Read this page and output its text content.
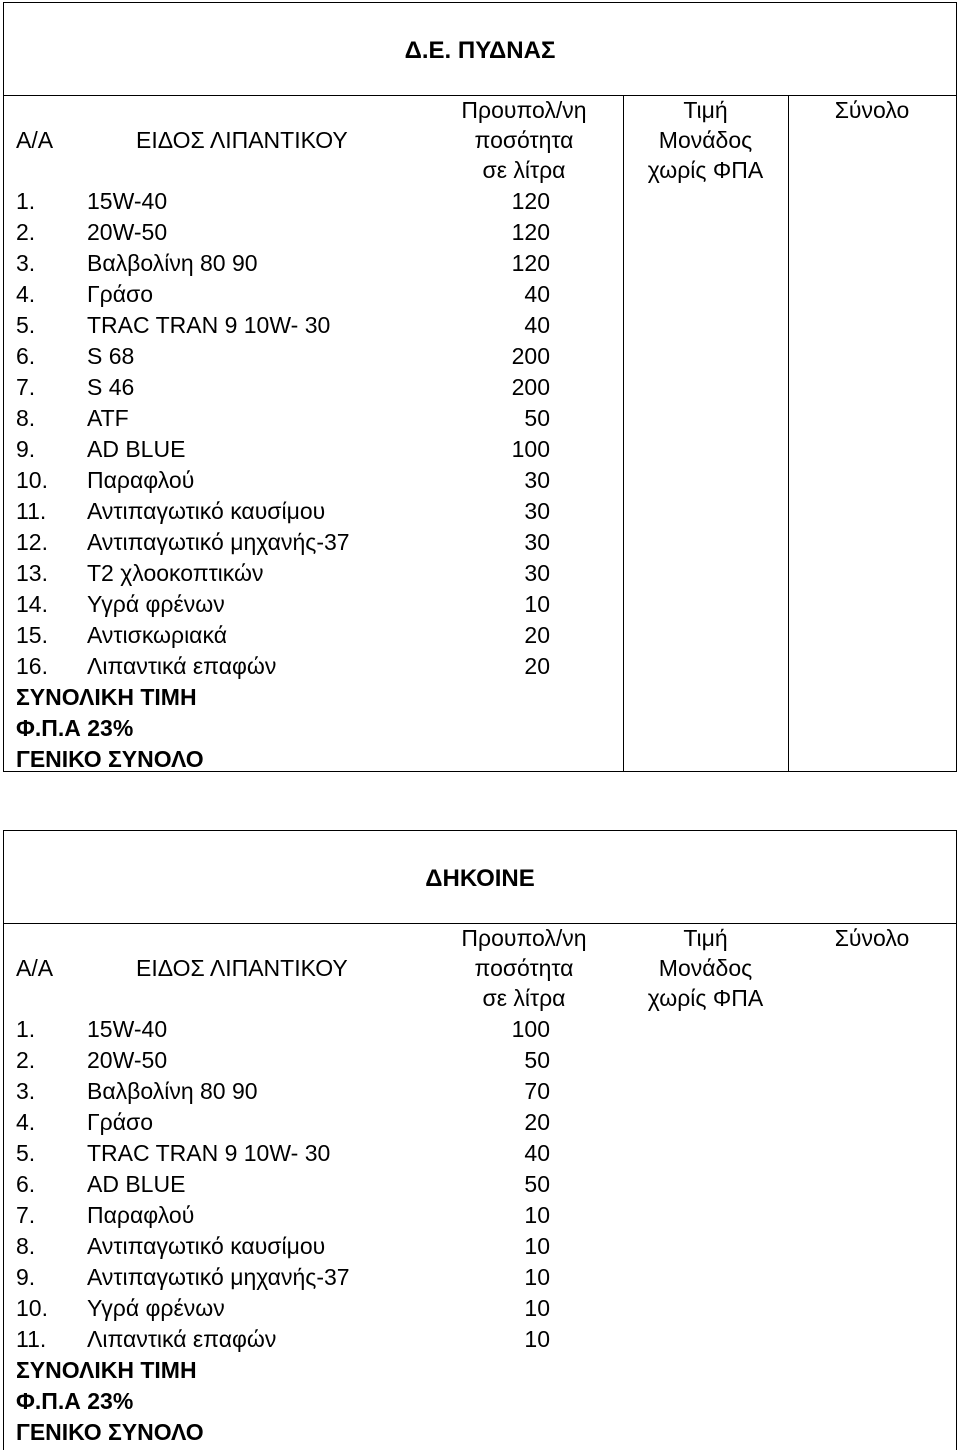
Δ.Ε. ΠΥΔΝΑΣ
Α/Α	ΕΙΔΟΣ ΛΙΠΑΝΤΙΚΟΥ
Προυπολ/νη
ποσότητα
σε λίτρα
Τιμή
Μονάδος
χωρίς ΦΠΑ
Σύνολο
1. 15W-40	120
2. 20W-50	120
3. Βαλβολίνη 80 90	120
4. Γράσο	40
5. TRAC TRAN 9 10W- 30	40
6. S 68	200
7. S 46	200
8. ATF	50
9. AD BLUE	100
10. Παραφλού	30
11. Αντιπαγωτικό καυσίμου	30
12. Αντιπαγωτικό μηχανής-37	30
13. Τ2 χλοοκοπτικών	30
14. Υγρά φρένων	10
15. Αντισκωριακά	20
16. Λιπαντικά επαφών	20
ΣΥΝΟΛΙΚΗ ΤΙΜΗ
Φ.Π.Α 23%
ΓΕΝΙΚΟ ΣΥΝΟΛΟ
ΔΗΚΟΙΝΕ
Α/Α	ΕΙΔΟΣ ΛΙΠΑΝΤΙΚΟΥ
Προυπολ/νη
ποσότητα
σε λίτρα
Τιμή
Μονάδος
χωρίς ΦΠΑ
Σύνολο
1. 15W-40	100
2. 20W-50	50
3. Βαλβολίνη 80 90	70
4. Γράσο	20
5. TRAC TRAN 9 10W- 30	40
6. AD BLUE	50
7. Παραφλού	10
8. Αντιπαγωτικό καυσίμου	10
9. Αντιπαγωτικό μηχανής-37	10
10. Υγρά φρένων	10
11. Λιπαντικά επαφών	10
ΣΥΝΟΛΙΚΗ ΤΙΜΗ
Φ.Π.Α 23%
ΓΕΝΙΚΟ ΣΥΝΟΛΟ
